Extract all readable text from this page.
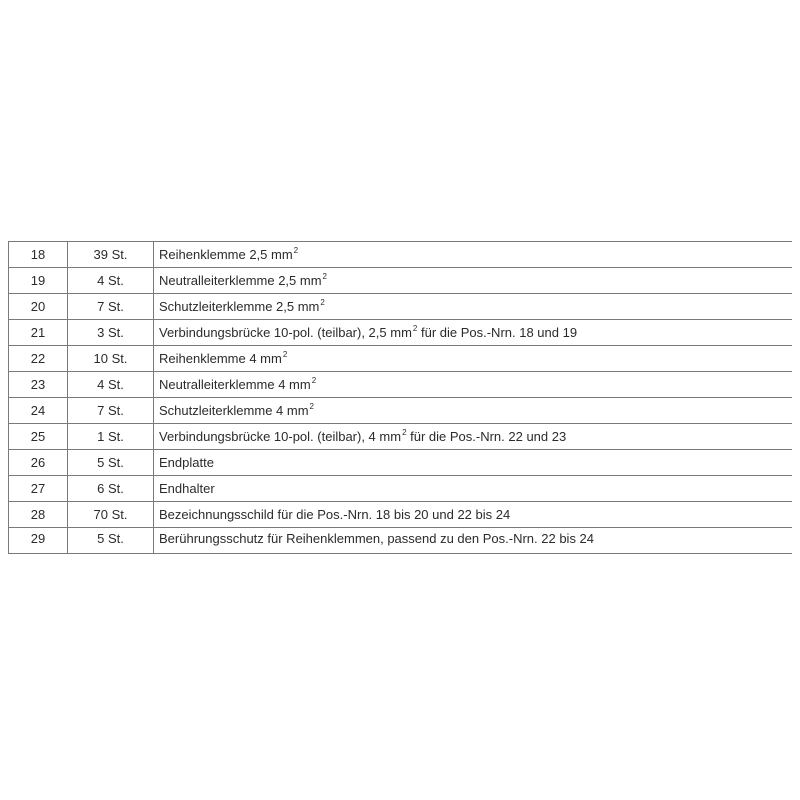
18	39 St.	Reihenklemme 2,5 $mm^2$
19	4 St.	Neutralleiterklemme 2,5 $mm^2$
20	7 St.	Schutzleiterklemme 2,5 $mm^2$
21	3 St.	Verbindungsbrücke 10-pol. (teilbar), 2,5 $mm^2$ für die Pos.-Nrn. 18 und 19
22	10 St.	Reihenklemme 4 $mm^2$
23	4 St.	Neutralleiterklemme 4 $mm^2$
24	7 St.	Schutzleiterklemme 4 $mm^2$
25	1 St.	Verbindungsbrücke 10-pol. (teilbar), 4 $mm^2$ für die Pos.-Nrn. 22 und 23
26	5 St.	Endplatte
27	6 St.	Endhalter
28	70 St.	Bezeichnungsschild für die Pos.-Nrn. 18 bis 20 und 22 bis 24
29	5 St.	Berührungsschutz für Reihenklemmen, passend zu den Pos.-Nrn. 22 bis 24
